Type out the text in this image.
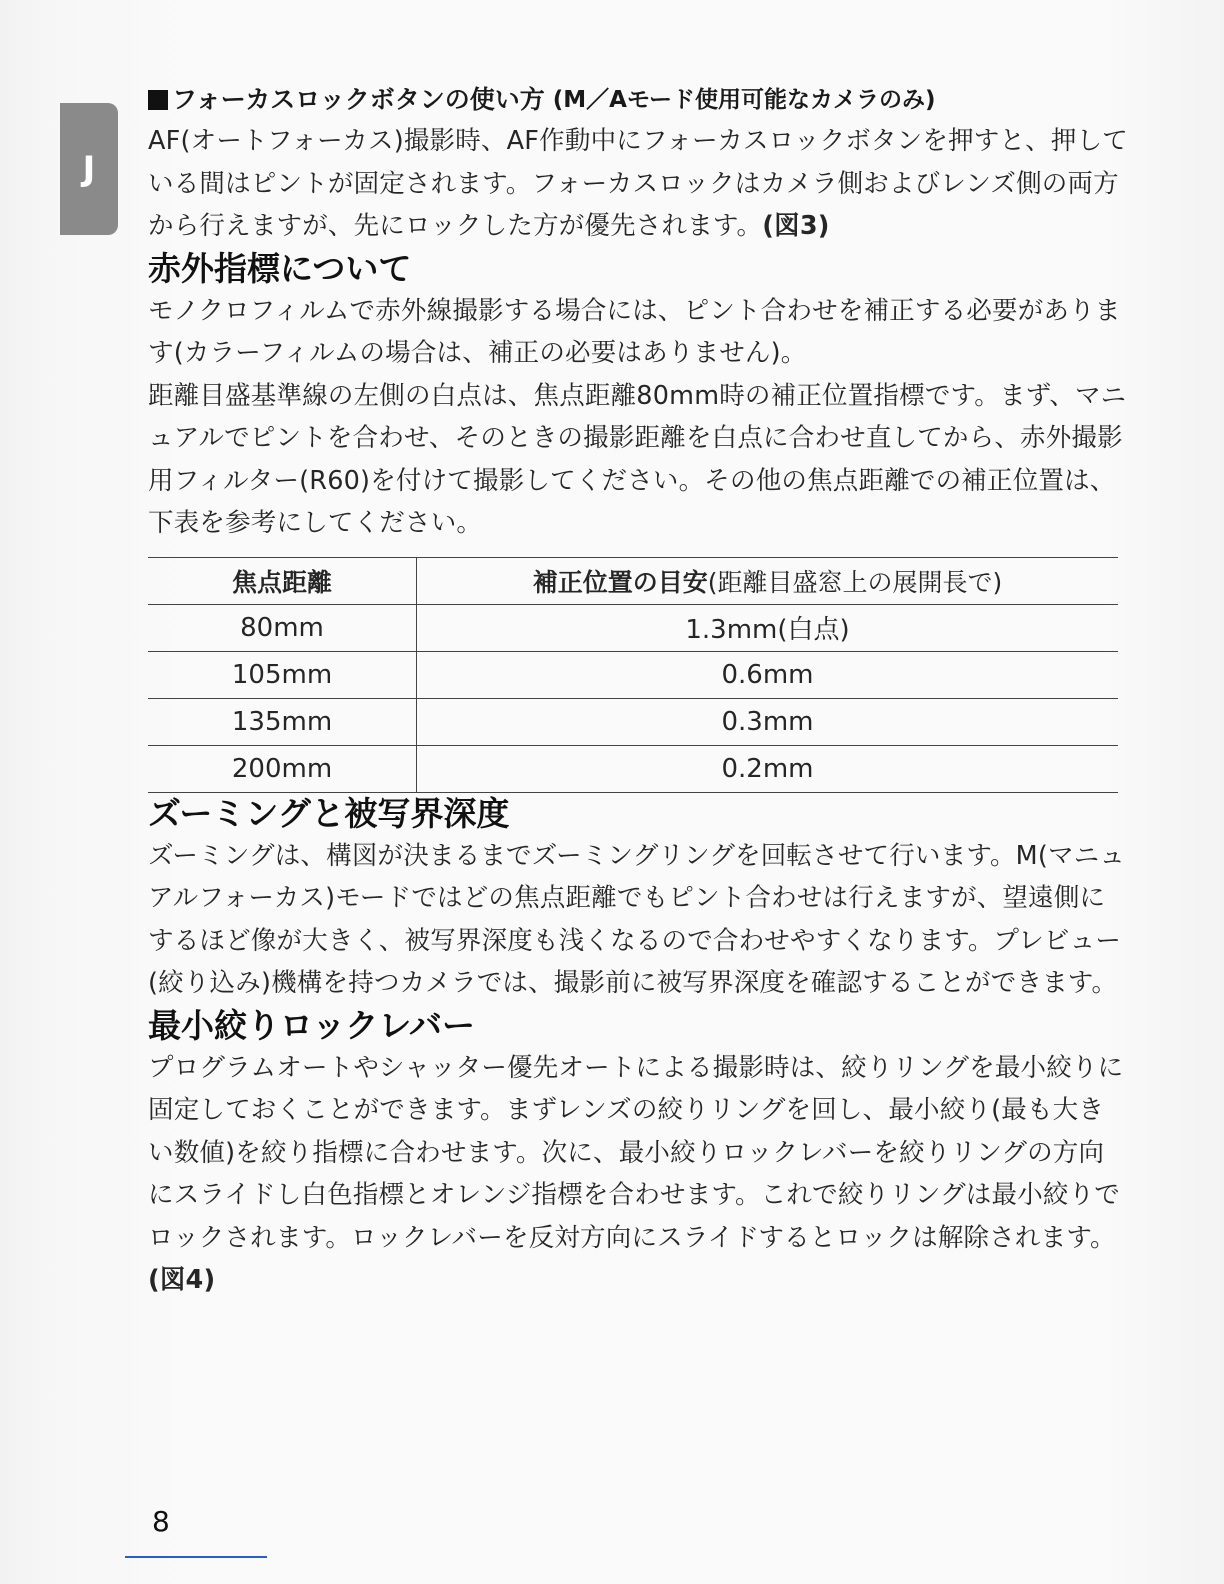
J
フォーカスロックボタンの使い方 (M／Aモード使用可能なカメラのみ)

AF(オートフォーカス)撮影時、AF作動中にフォーカスロックボタンを押すと、押している間はピントが固定されます。フォーカスロックはカメラ側およびレンズ側の両方から行えますが、先にロックした方が優先されます。(図3)

赤外指標について

モノクロフィルムで赤外線撮影する場合には、ピント合わせを補正する必要があります(カラーフィルムの場合は、補正の必要はありません)。

距離目盛基準線の左側の白点は、焦点距離80mm時の補正位置指標です。まず、マニュアルでピントを合わせ、そのときの撮影距離を白点に合わせ直してから、赤外撮影用フィルター(R60)を付けて撮影してください。その他の焦点距離での補正位置は、下表を参考にしてください。

焦点距離	補正位置の目安(距離目盛窓上の展開長で)
80mm	1.3mm(白点)
105mm	0.6mm
135mm	0.3mm
200mm	0.2mm
ズーミングと被写界深度

ズーミングは、構図が決まるまでズーミングリングを回転させて行います。M(マニュアルフォーカス)モードではどの焦点距離でもピント合わせは行えますが、望遠側にするほど像が大きく、被写界深度も浅くなるので合わせやすくなります。プレビュー(絞り込み)機構を持つカメラでは、撮影前に被写界深度を確認することができます。

最小絞りロックレバー

プログラムオートやシャッター優先オートによる撮影時は、絞りリングを最小絞りに固定しておくことができます。まずレンズの絞りリングを回し、最小絞り(最も大きい数値)を絞り指標に合わせます。次に、最小絞りロックレバーを絞りリングの方向にスライドし白色指標とオレンジ指標を合わせます。これで絞りリングは最小絞りでロックされます。ロックレバーを反対方向にスライドするとロックは解除されます。(図4)

8
